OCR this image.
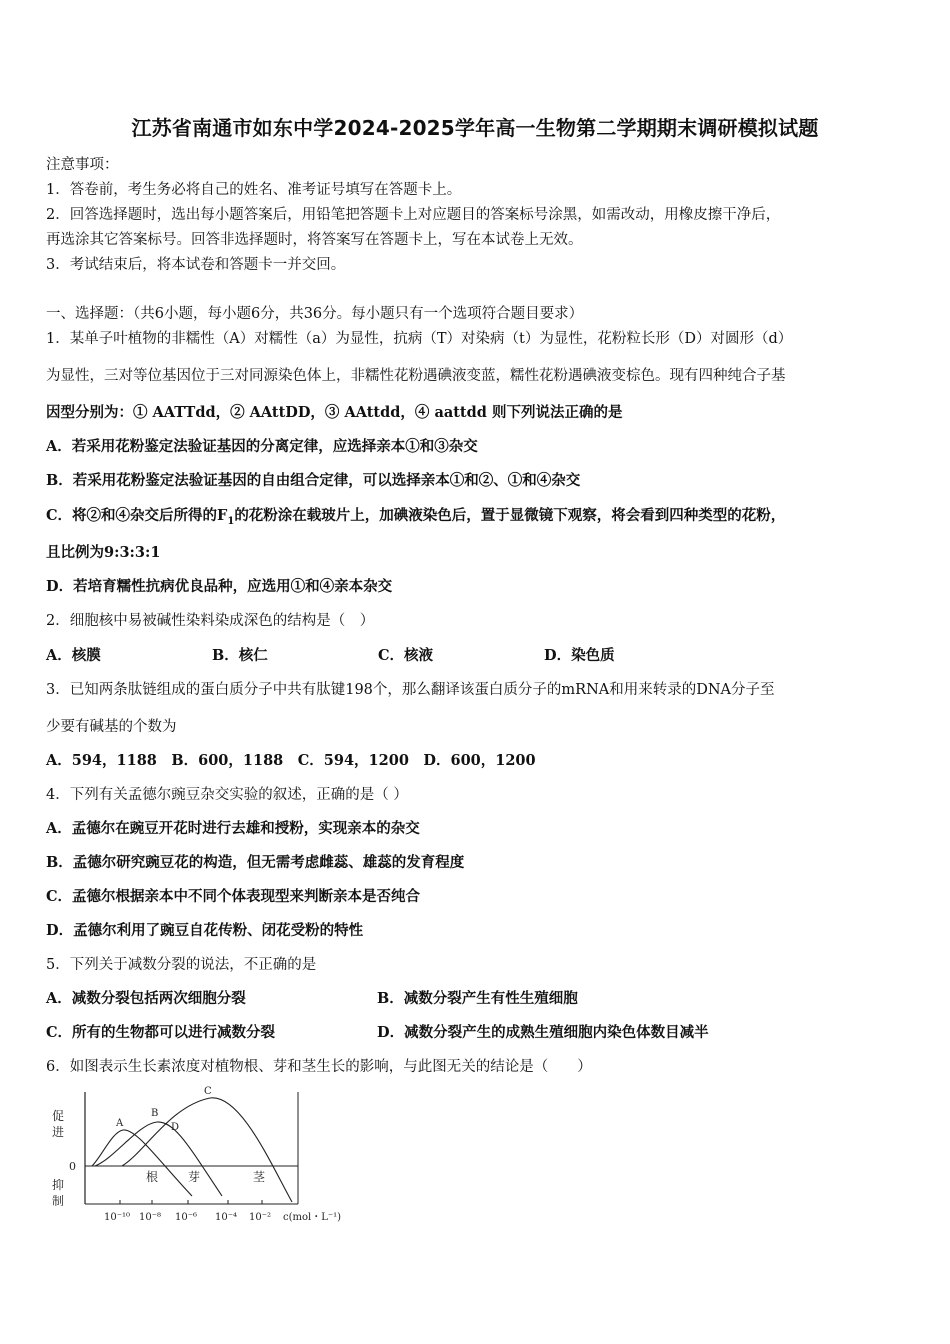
江苏省南通市如东中学2024-2025学年高一生物第二学期期末调研模拟试题
注意事项：
1．答卷前，考生务必将自己的姓名、准考证号填写在答题卡上。
2．回答选择题时，选出每小题答案后，用铅笔把答题卡上对应题目的答案标号涂黑，如需改动，用橡皮擦干净后，
再选涂其它答案标号。回答非选择题时，将答案写在答题卡上，写在本试卷上无效。
3．考试结束后，将本试卷和答题卡一并交回。
一、选择题：（共6小题，每小题6分，共36分。每小题只有一个选项符合题目要求）
1．某单子叶植物的非糯性（A）对糯性（a）为显性，抗病（T）对染病（t）为显性，花粉粒长形（D）对圆形（d）
为显性，三对等位基因位于三对同源染色体上，非糯性花粉遇碘液变蓝，糯性花粉遇碘液变棕色。现有四种纯合子基
因型分别为：① AATTdd，② AAttDD，③ AAttdd，④ aattdd 则下列说法正确的是
A．若采用花粉鉴定法验证基因的分离定律，应选择亲本①和③杂交
B．若采用花粉鉴定法验证基因的自由组合定律，可以选择亲本①和②、①和④杂交
C．将②和④杂交后所得的$F_1$的花粉涂在载玻片上，加碘液染色后，置于显微镜下观察，将会看到四种类型的花粉，
且比例为9:3:3:1
D．若培育糯性抗病优良品种，应选用①和④亲本杂交
2．细胞核中易被碱性染料染成深色的结构是（　）
A．核膜	B．核仁	C．核液	D．染色质
3．已知两条肽链组成的蛋白质分子中共有肽键198个，那么翻译该蛋白质分子的mRNA和用来转录的DNA分子至
少要有碱基的个数为
A．594，1188　B．600，1188　C．594，1200　D．600，1200
4．下列有关孟德尔豌豆杂交实验的叙述，正确的是（ ）
A．孟德尔在豌豆开花时进行去雄和授粉，实现亲本的杂交
B．孟德尔研究豌豆花的构造，但无需考虑雌蕊、雄蕊的发育程度
C．孟德尔根据亲本中不同个体表现型来判断亲本是否纯合
D．孟德尔利用了豌豆自花传粉、闭花受粉的特性
5．下列关于减数分裂的说法，不正确的是
A．减数分裂包括两次细胞分裂	B．减数分裂产生有性生殖细胞
C．所有的生物都可以进行减数分裂	D．减数分裂产生的成熟生殖细胞内染色体数目减半
6．如图表示生长素浓度对植物根、芽和茎生长的影响，与此图无关的结论是（　　）
促
进
0
抑
制
A
B
C
D
根 芽	茎
10⁻¹⁰ 10⁻⁸ 10⁻⁶ 10⁻⁴ 10⁻² c(mol・L⁻¹)
